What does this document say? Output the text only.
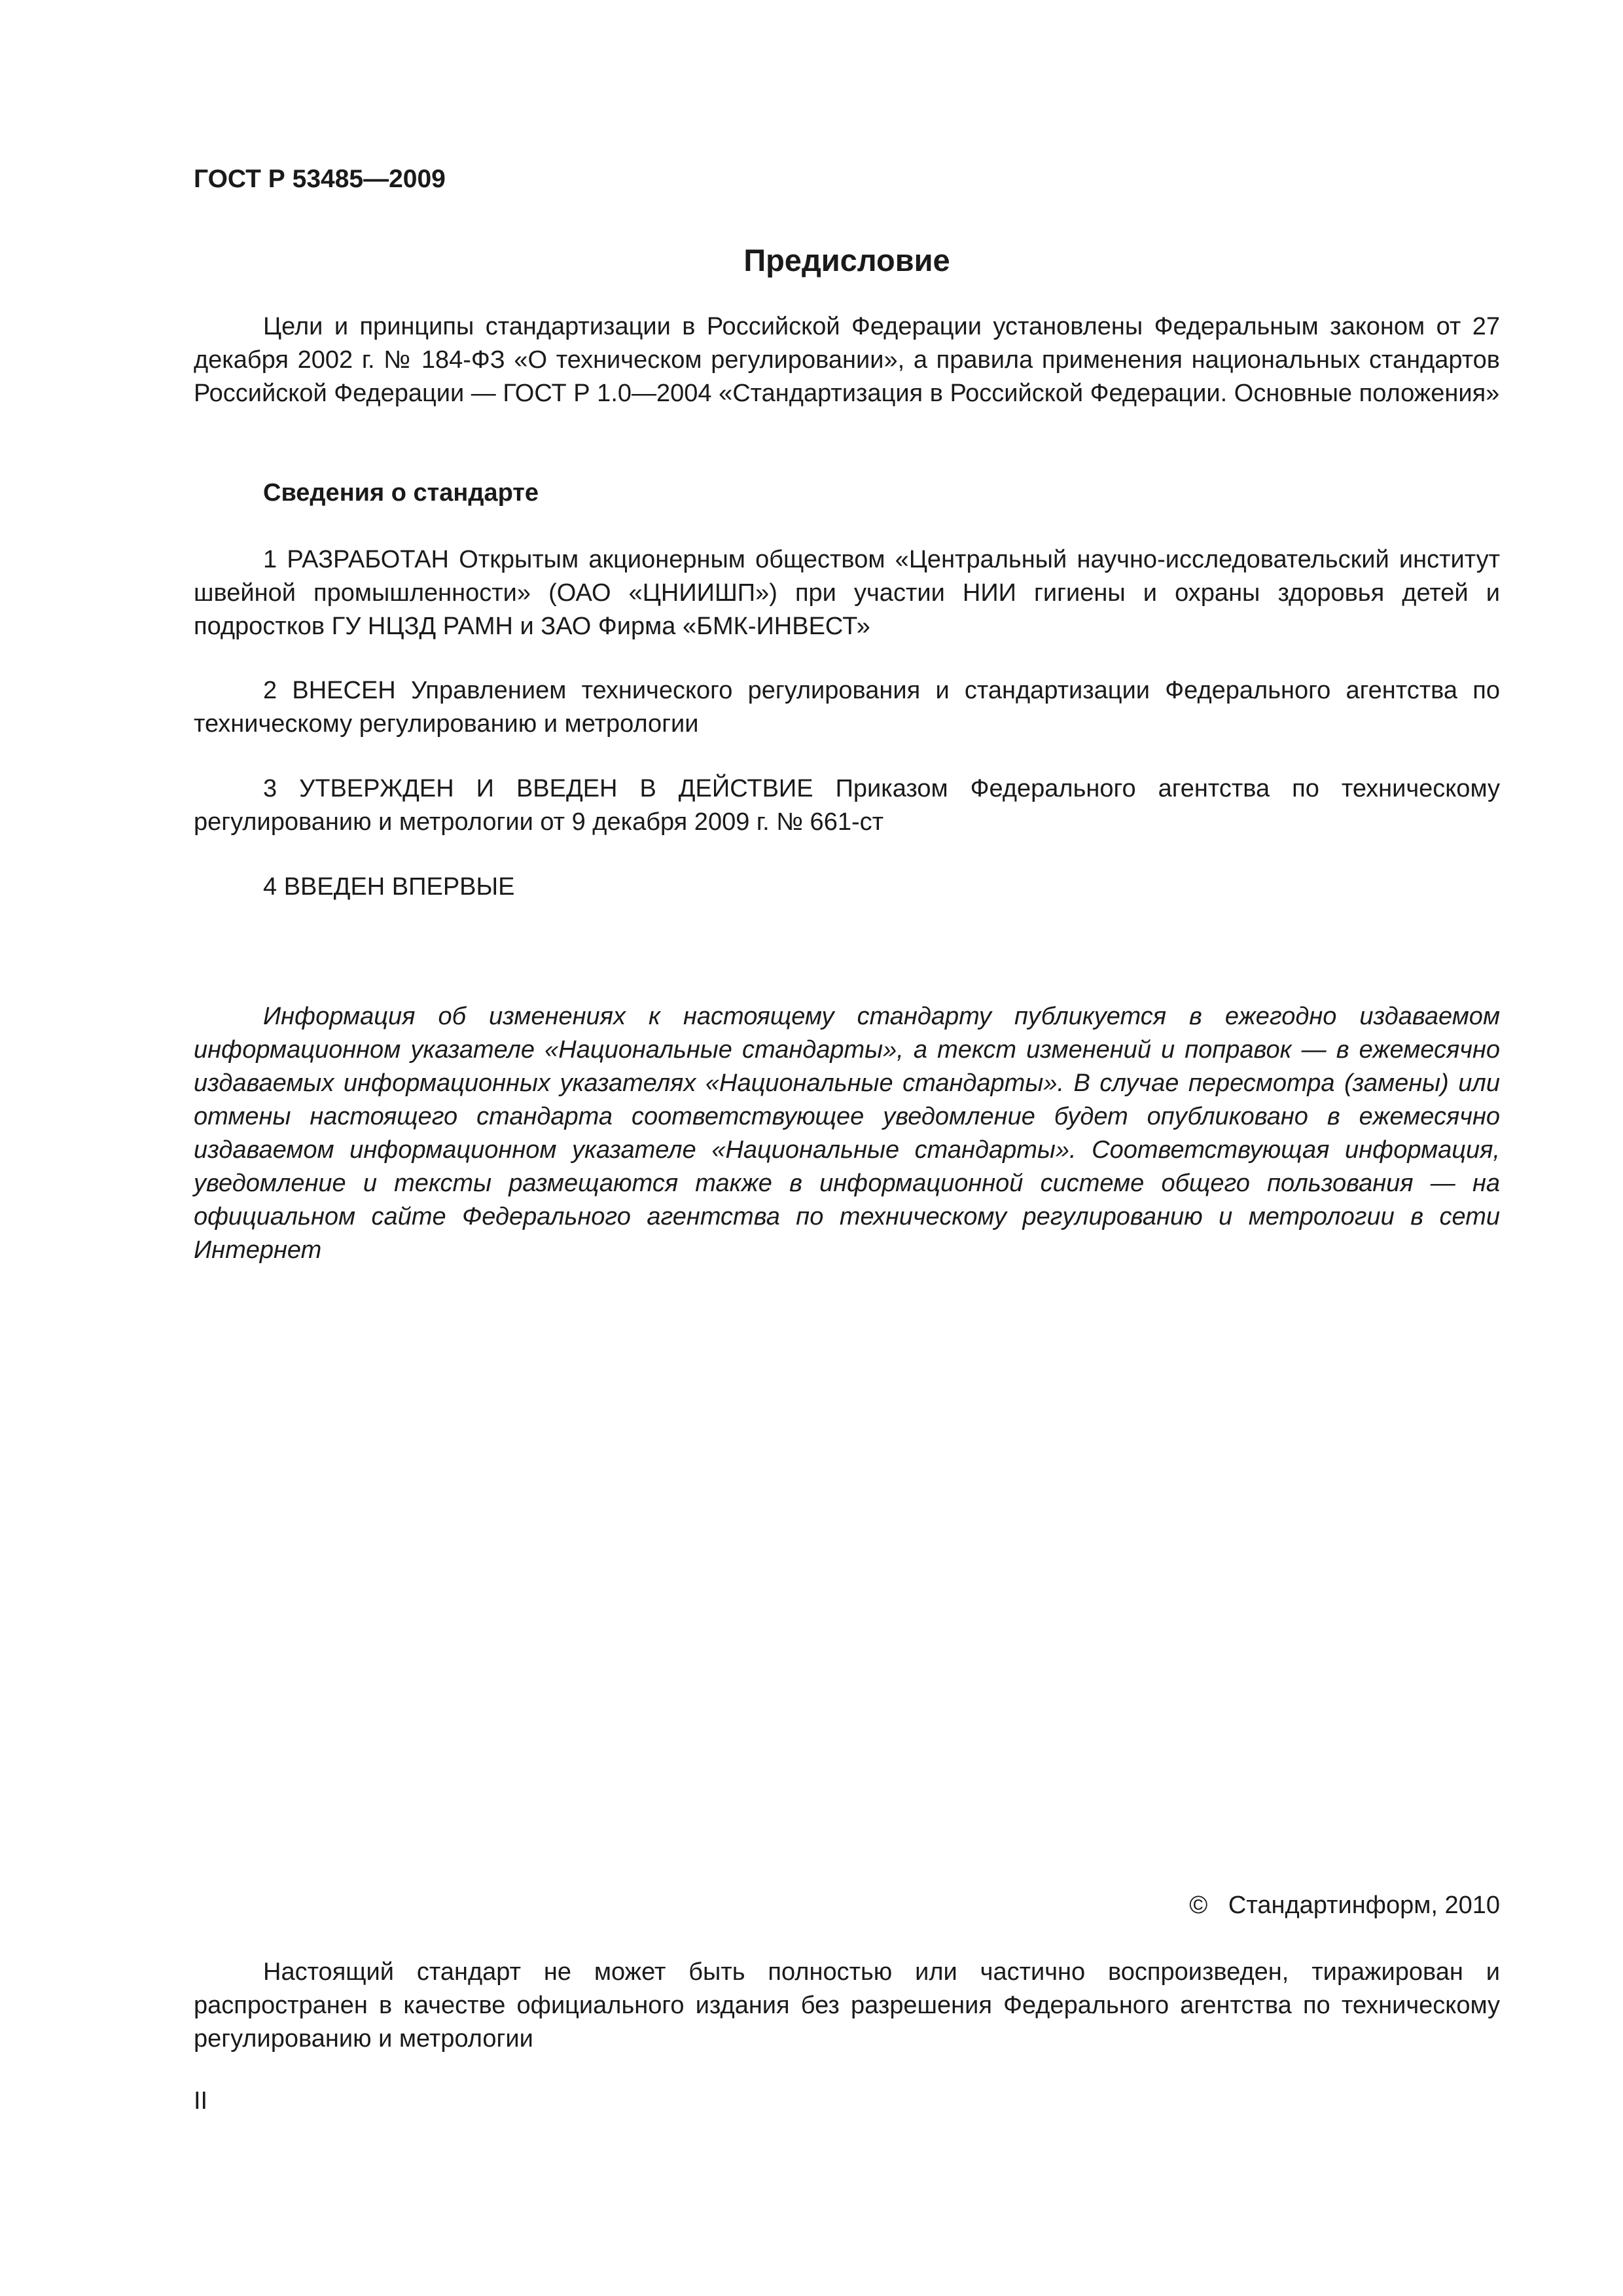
ГОСТ Р 53485—2009
Предисловие

Цели и принципы стандартизации в Российской Федерации установлены Федеральным законом от 27 декабря 2002 г. № 184-ФЗ «О техническом регулировании», а правила применения национальных стандартов Российской Федерации — ГОСТ Р 1.0—2004 «Стандартизация в Российской Федерации. Основные положения»

Сведения о стандарте

1 РАЗРАБОТАН Открытым акционерным обществом «Центральный научно-исследовательский институт швейной промышленности» (ОАО «ЦНИИШП») при участии НИИ гигиены и охраны здоровья детей и подростков ГУ НЦЗД РАМН и ЗАО Фирма «БМК-ИНВЕСТ»

2 ВНЕСЕН Управлением технического регулирования и стандартизации Федерального агентства по техническому регулированию и метрологии

3 УТВЕРЖДЕН И ВВЕДЕН В ДЕЙСТВИЕ Приказом Федерального агентства по техническому регулированию и метрологии от 9 декабря 2009 г. № 661-ст

4 ВВЕДЕН ВПЕРВЫЕ

Информация об изменениях к настоящему стандарту публикуется в ежегодно издаваемом информационном указателе «Национальные стандарты», а текст изменений и поправок — в ежемесячно издаваемых информационных указателях «Национальные стандарты». В случае пересмотра (замены) или отмены настоящего стандарта соответствующее уведомление будет опубликовано в ежемесячно издаваемом информационном указателе «Национальные стандарты». Соответствующая информация, уведомление и тексты размещаются также в информационной системе общего пользования — на официальном сайте Федерального агентства по техническому регулированию и метрологии в сети Интернет

©   Стандартинформ, 2010

Настоящий стандарт не может быть полностью или частично воспроизведен, тиражирован и распространен в качестве официального издания без разрешения Федерального агентства по техническому регулированию и метрологии

II
